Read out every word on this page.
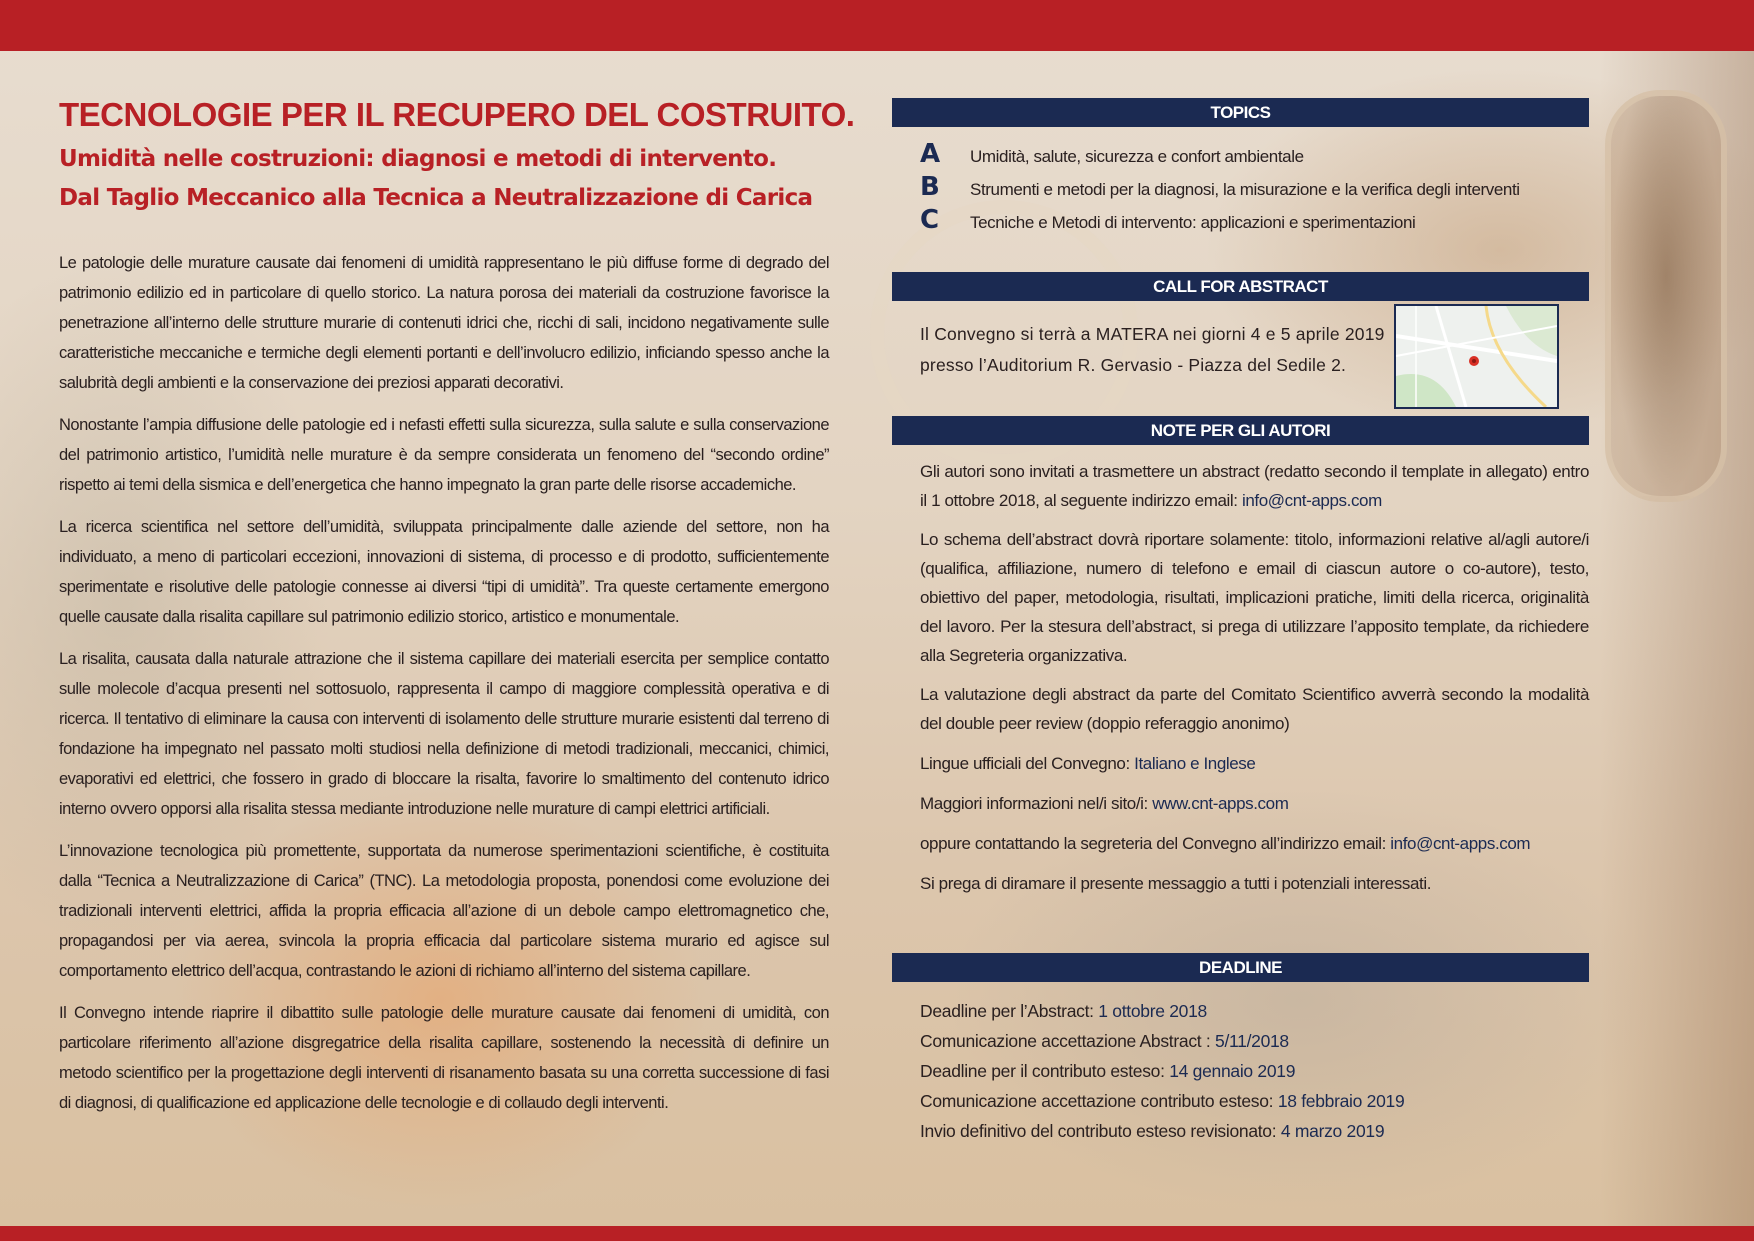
TECNOLOGIE PER IL RECUPERO DEL COSTRUITO.
Umidità nelle costruzioni: diagnosi e metodi di intervento.
Dal Taglio Meccanico alla Tecnica a Neutralizzazione di Carica

Le patologie delle murature causate dai fenomeni di umidità rappresentano le più diffuse forme di degrado del patrimonio edilizio ed in particolare di quello storico. La natura porosa dei materiali da costruzione favorisce la penetrazione all’interno delle strutture murarie di contenuti idrici che, ricchi di sali, incidono negativamente sulle caratteristiche meccaniche e termiche degli elementi portanti e dell’involucro edilizio, inficiando spesso anche la salubrità degli ambienti e la conservazione dei preziosi apparati decorativi.

Nonostante l’ampia diffusione delle patologie ed i nefasti effetti sulla sicurezza, sulla salute e sulla conservazione del patrimonio artistico, l’umidità nelle murature è da sempre considerata un fenomeno del “secondo ordine” rispetto ai temi della sismica e dell’energetica che hanno impegnato la gran parte delle risorse accademiche.

La ricerca scientifica nel settore dell’umidità, sviluppata principalmente dalle aziende del settore, non ha individuato, a meno di particolari eccezioni, innovazioni di sistema, di processo e di prodotto, sufficientemente sperimentate e risolutive delle patologie connesse ai diversi “tipi di umidità”. Tra queste certamente emergono quelle causate dalla risalita capillare sul patrimonio edilizio storico, artistico e monumentale.

La risalita, causata dalla naturale attrazione che il sistema capillare dei materiali esercita per semplice contatto sulle molecole d’acqua presenti nel sottosuolo, rappresenta il campo di maggiore complessità operativa e di ricerca. Il tentativo di eliminare la causa con interventi di isolamento delle strutture murarie esistenti dal terreno di fondazione ha impegnato nel passato molti studiosi nella definizione di metodi tradizionali, meccanici, chimici, evaporativi ed elettrici, che fossero in grado di bloccare la risalta, favorire lo smaltimento del contenuto idrico interno ovvero opporsi alla risalita stessa mediante introduzione nelle murature di campi elettrici artificiali.

L’innovazione tecnologica più promettente, supportata da numerose sperimentazioni scientifiche, è costituita dalla “Tecnica a Neutralizzazione di Carica” (TNC). La metodologia proposta, ponendosi come evoluzione dei tradizionali interventi elettrici, affida la propria efficacia all’azione di un debole campo elettromagnetico che, propagandosi per via aerea, svincola la propria efficacia dal particolare sistema murario ed agisce sul comportamento elettrico dell’acqua, contrastando le azioni di richiamo all’interno del sistema capillare.

Il Convegno intende riaprire il dibattito sulle patologie delle murature causate dai fenomeni di umidità, con particolare riferimento all’azione disgregatrice della risalita capillare, sostenendo la necessità di definire un metodo scientifico per la progettazione degli interventi di risanamento basata su una corretta successione di fasi di diagnosi, di qualificazione ed applicazione delle tecnologie e di collaudo degli interventi.

TOPICS
A	Umidità, salute, sicurezza e confort ambientale
B	Strumenti e metodi per la diagnosi, la misurazione e la verifica degli interventi
C	Tecniche e Metodi di intervento: applicazioni e sperimentazioni
CALL FOR ABSTRACT
Il Convegno si terrà a MATERA nei giorni 4 e 5 aprile 2019
presso l’Auditorium R. Gervasio - Piazza del Sedile 2.
NOTE PER GLI AUTORI

Gli autori sono invitati a trasmettere un abstract (redatto secondo il template in allegato) entro il 1 ottobre 2018, al seguente indirizzo email: info@cnt-apps.com

Lo schema dell’abstract dovrà riportare solamente: titolo, informazioni relative al/agli autore/i (qualifica, affiliazione, numero di telefono e email di ciascun autore o co-autore), testo, obiettivo del paper, metodologia, risultati, implicazioni pratiche, limiti della ricerca, originalità del lavoro. Per la stesura dell’abstract, si prega di utilizzare l’apposito template, da richiedere alla Segreteria organizzativa.

La valutazione degli abstract da parte del Comitato Scientifico avverrà secondo la modalità del double peer review (doppio referaggio anonimo)

Lingue ufficiali del Convegno: Italiano e Inglese

Maggiori informazioni nel/i sito/i: www.cnt-apps.com

oppure contattando la segreteria del Convegno all’indirizzo email: info@cnt-apps.com

Si prega di diramare il presente messaggio a tutti i potenziali interessati.

DEADLINE
Deadline per l’Abstract: 1 ottobre 2018
Comunicazione accettazione Abstract : 5/11/2018
Deadline per il contributo esteso: 14 gennaio 2019
Comunicazione accettazione contributo esteso: 18 febbraio 2019
Invio definitivo del contributo esteso revisionato: 4 marzo 2019
